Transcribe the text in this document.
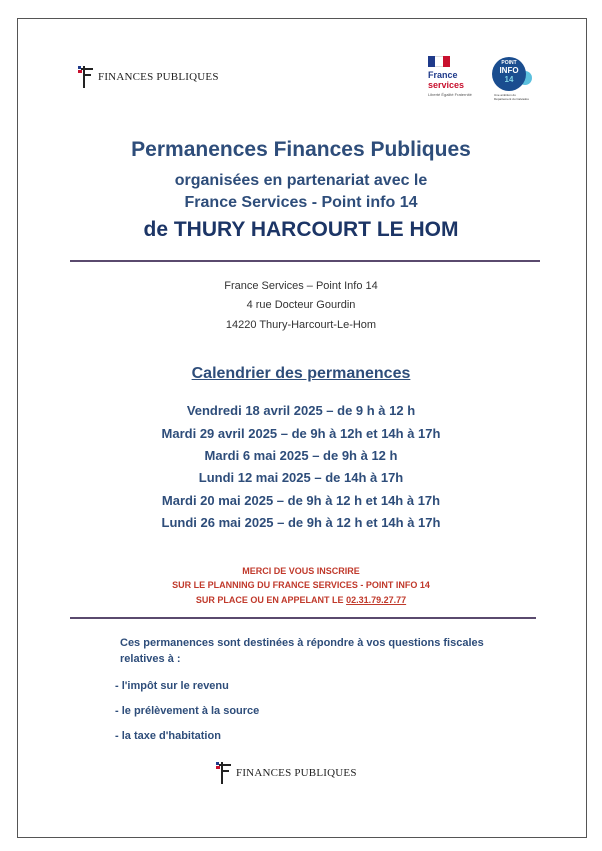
FINANCES PUBLIQUES	France
services
Liberté Égalité Fraternité
POINT
INFO
14
Une ambition du Département du Calvados
Permanences Finances Publiques
organisées en partenariat avec le
France Services - Point info 14
de THURY HARCOURT LE HOM
France Services – Point Info 14
4 rue Docteur Gourdin
14220 Thury-Harcourt-Le-Hom
Calendrier des permanences
Vendredi 18 avril 2025 – de 9 h à 12 h
Mardi 29 avril 2025 – de 9h à 12h et 14h à 17h
Mardi 6 mai 2025 – de 9h à 12 h
Lundi 12 mai 2025 – de 14h à 17h
Mardi 20 mai 2025 – de 9h à 12 h et 14h à 17h
Lundi 26 mai 2025 – de 9h à 12 h et 14h à 17h
MERCI DE VOUS INSCRIRE
SUR LE PLANNING DU FRANCE SERVICES - POINT INFO 14
SUR PLACE OU EN APPELANT LE 02.31.79.27.77
Ces permanences sont destinées à répondre à vos questions fiscales
relatives à :
- l'impôt sur le revenu
- le prélèvement à la source
- la taxe d'habitation
FINANCES PUBLIQUES
